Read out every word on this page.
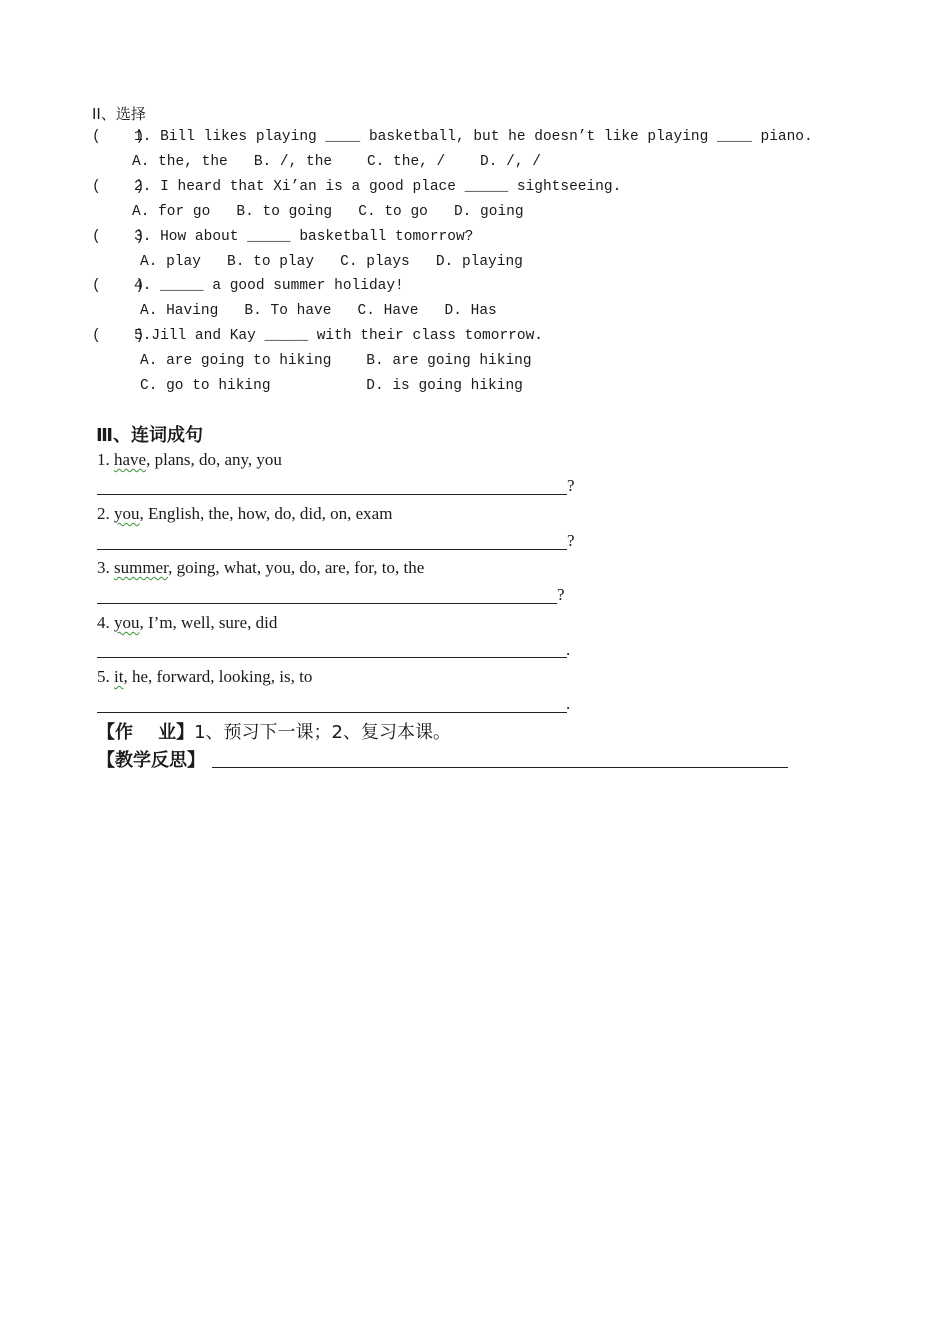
II、选择
(    )
1. Bill likes playing ____ basketball, but he doesn’t like playing ____ piano.
A. the, the   B. /, the    C. the, /    D. /, /
(    )
2. I heard that Xi’an is a good place _____ sightseeing.
A. for go   B. to going   C. to go   D. going
(    )
3. How about _____ basketball tomorrow?
A. play   B. to play   C. plays   D. playing
(    )
4. _____ a good summer holiday!
A. Having   B. To have   C. Have   D. Has
(    )
5.Jill and Kay _____ with their class tomorrow.
A. are going to hiking    B. are going hiking
C. go to hiking           D. is going hiking
Ⅲ、连词成句
1. have, plans, do, any, you
?
2. you, English, the, how, do, did, on, exam
?
3. summer, going, what, you, do, are, for, to, the
?
4. you, I’m, well, sure, did
.
5. it, he, forward, looking, is, to
.
【作    业】1、预习下一课；2、复习本课。
【教学反思】
